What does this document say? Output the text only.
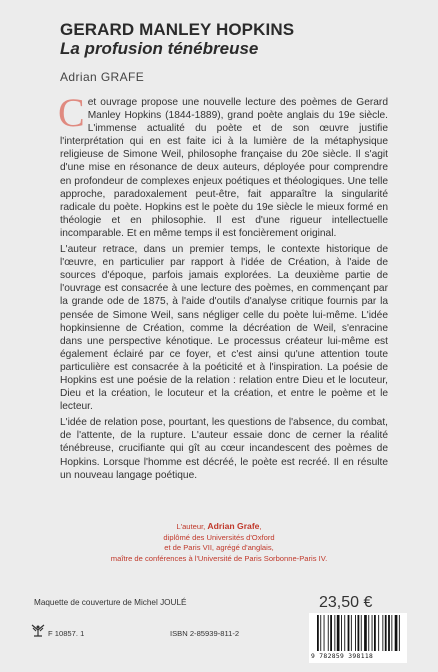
GERARD MANLEY HOPKINS
La profusion ténébreuse
Adrian GRAFE

Cet ouvrage propose une nouvelle lecture des poèmes de Gerard Manley Hopkins (1844-1889), grand poète anglais du 19e siècle. L'immense actualité du poète et de son œuvre justifie l'interprétation qui en est faite ici à la lumière de la métaphysique religieuse de Simone Weil, philosophe française du 20e siècle. Il s'agit d'une mise en résonance de deux auteurs, déployée pour comprendre en profondeur de complexes enjeux poétiques et théologiques. Une telle approche, paradoxalement peut-être, fait apparaître la singularité radicale du poète. Hopkins est le poète du 19e siècle le mieux formé en théologie et en philosophie. Il est d'une rigueur intellectuelle incomparable. Et en même temps il est foncièrement original.

L'auteur retrace, dans un premier temps, le contexte historique de l'œuvre, en particulier par rapport à l'idée de Création, à l'aide de sources d'époque, parfois jamais explorées. La deuxième partie de l'ouvrage est consacrée à une lecture des poèmes, en commençant par la grande ode de 1875, à l'aide d'outils d'analyse critique fournis par la pensée de Simone Weil, sans négliger celle du poète lui-même. L'idée hopkinsienne de Création, comme la décréation de Weil, s'enracine dans une perspective kénotique. Le processus créateur lui-même est également éclairé par ce foyer, et c'est ainsi qu'une attention toute particulière est consacrée à la poéticité et à l'inspiration. La poésie de Hopkins est une poésie de la relation : relation entre Dieu et le locuteur, Dieu et la création, le locuteur et la création, et entre le poème et le lecteur.

L'idée de relation pose, pourtant, les questions de l'absence, du combat, de l'attente, de la rupture. L'auteur essaie donc de cerner la réalité ténébreuse, crucifiante qui gît au cœur incandescent des poèmes de Hopkins. Lorsque l'homme est décréé, le poète est recréé. Il en résulte un nouveau langage poétique.

L'auteur, Adrian Grafe,
diplômé des Universités d'Oxford
et de Paris VII, agrégé d'anglais,
maître de conférences à l'Université de Paris Sorbonne-Paris IV.
Maquette de couverture de Michel JOULÉ	23,50 €
F 10857. 1	ISBN 2-85939-811-2
9 782859 398118
